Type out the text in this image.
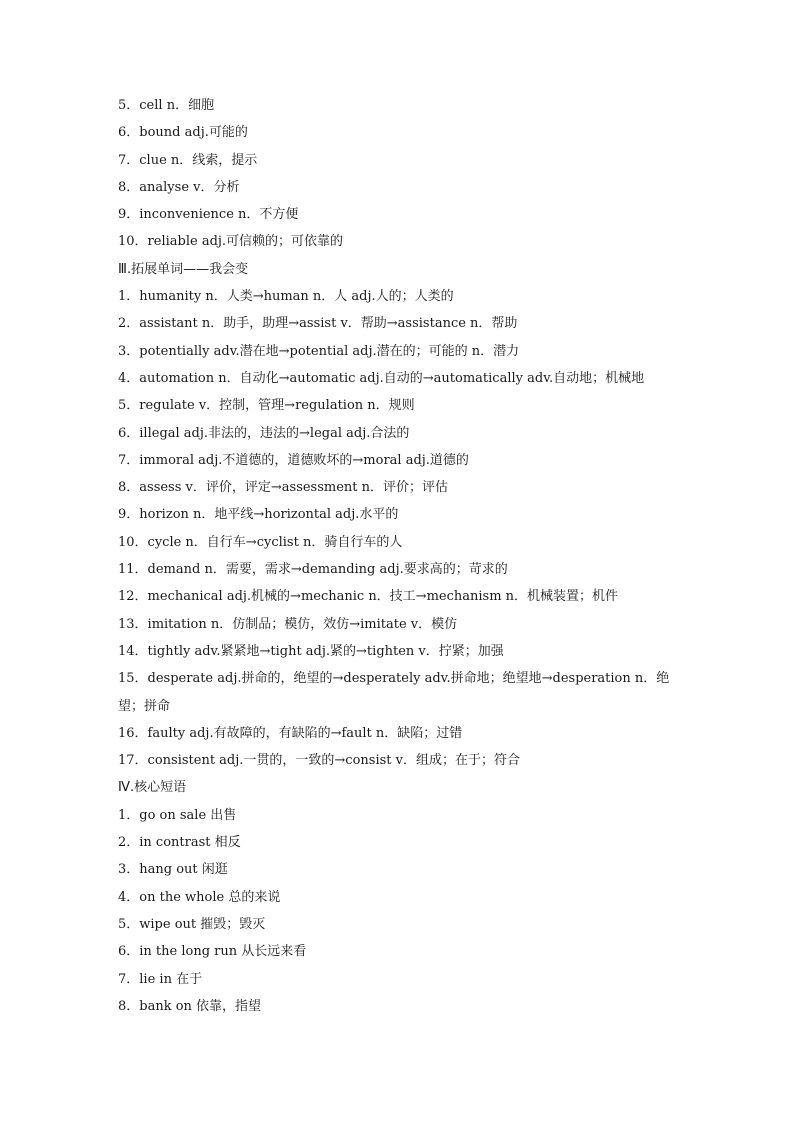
5．cell n．细胞
6．bound adj.可能的
7．clue n．线索，提示
8．analyse v．分析
9．inconvenience n．不方便
10．reliable adj.可信赖的；可依靠的
Ⅲ.拓展单词——我会变
1．humanity n．人类→human n．人 adj.人的；人类的
2．assistant n．助手，助理→assist v．帮助→assistance n．帮助
3．potentially adv.潜在地→potential adj.潜在的；可能的 n．潜力
4．automation n．自动化→automatic adj.自动的→automatically adv.自动地；机械地
5．regulate v．控制，管理→regulation n．规则
6．illegal adj.非法的，违法的→legal adj.合法的
7．immoral adj.不道德的，道德败坏的→moral adj.道德的
8．assess v．评价，评定→assessment n．评价；评估
9．horizon n．地平线→horizontal adj.水平的
10．cycle n．自行车→cyclist n．骑自行车的人
11．demand n．需要，需求→demanding adj.要求高的；苛求的
12．mechanical adj.机械的→mechanic n．技工→mechanism n．机械装置；机件
13．imitation n．仿制品；模仿，效仿→imitate v．模仿
14．tightly adv.紧紧地→tight adj.紧的→tighten v．拧紧；加强
15．desperate adj.拼命的，绝望的→desperately adv.拼命地；绝望地→desperation n．绝望；拼命
16．faulty adj.有故障的，有缺陷的→fault n．缺陷；过错
17．consistent adj.一贯的，一致的→consist v．组成；在于；符合
Ⅳ.核心短语
1．go on sale 出售
2．in contrast 相反
3．hang out 闲逛
4．on the whole 总的来说
5．wipe out 摧毁；毁灭
6．in the long run 从长远来看
7．lie in 在于
8．bank on 依靠，指望
